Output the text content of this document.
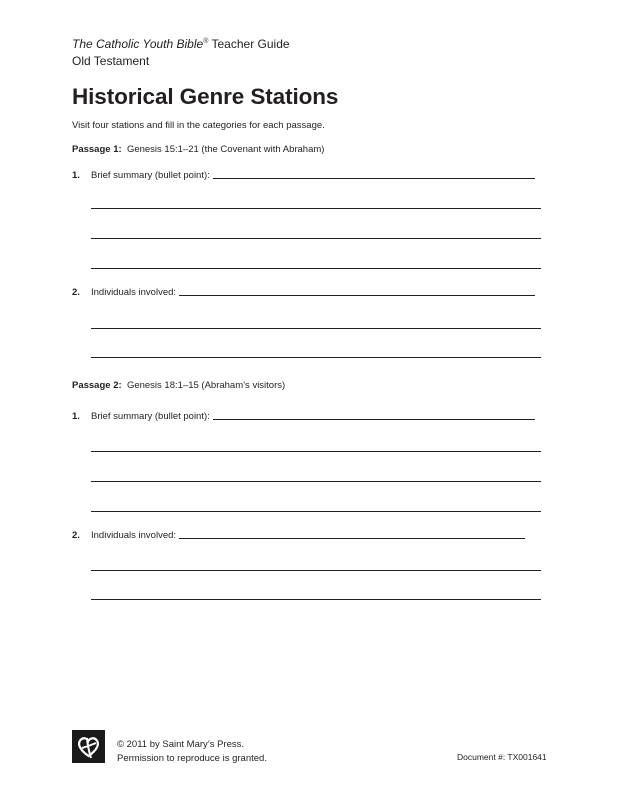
The Catholic Youth Bible® Teacher Guide
Old Testament
Historical Genre Stations
Visit four stations and fill in the categories for each passage.
Passage 1: Genesis 15:1–21 (the Covenant with Abraham)
1.	Brief summary (bullet point):
2.	Individuals involved:
Passage 2: Genesis 18:1–15 (Abraham’s visitors)
1.	Brief summary (bullet point):
2.	Individuals involved:
© 2011 by Saint Mary’s Press.
Permission to reproduce is granted.	Document #: TX001641
